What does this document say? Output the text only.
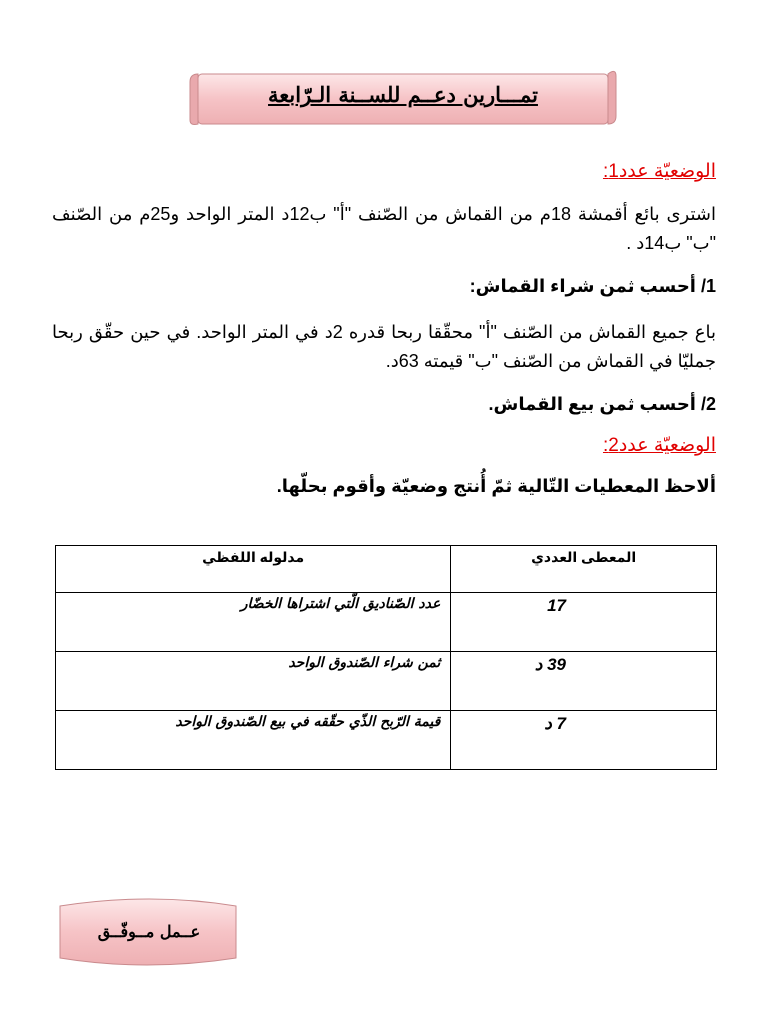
تمـــارين دعــم للســنة الـرّابعة
الوضعيّة عدد1:
اشترى بائع أقمشة 18م من القماش من الصّنف "أ" ب12د المتر الواحد و25م من الصّنف "ب" ب14د .
1/ أحسب ثمن شراء القماش:
باع جميع القماش من الصّنف "أ" محقّقا ربحا قدره 2د في المتر الواحد. في حين حقّق ربحا جمليّا في القماش من الصّنف "ب" قيمته 63د.
2/ أحسب ثمن بيع القماش.
الوضعيّة عدد2:
ألاحظ المعطيات التّالية ثمّ أُنتج وضعيّة وأقوم بحلّها.
المعطى العددي	مدلوله اللفظي
17	عدد الصّناديق الّتي اشتراها الخضّار
39 د	ثمن شراء الصّندوق الواحد
7 د	قيمة الرّبح الذّي حقّقه في بيع الصّندوق الواحد
عــمل مــوفّــق
